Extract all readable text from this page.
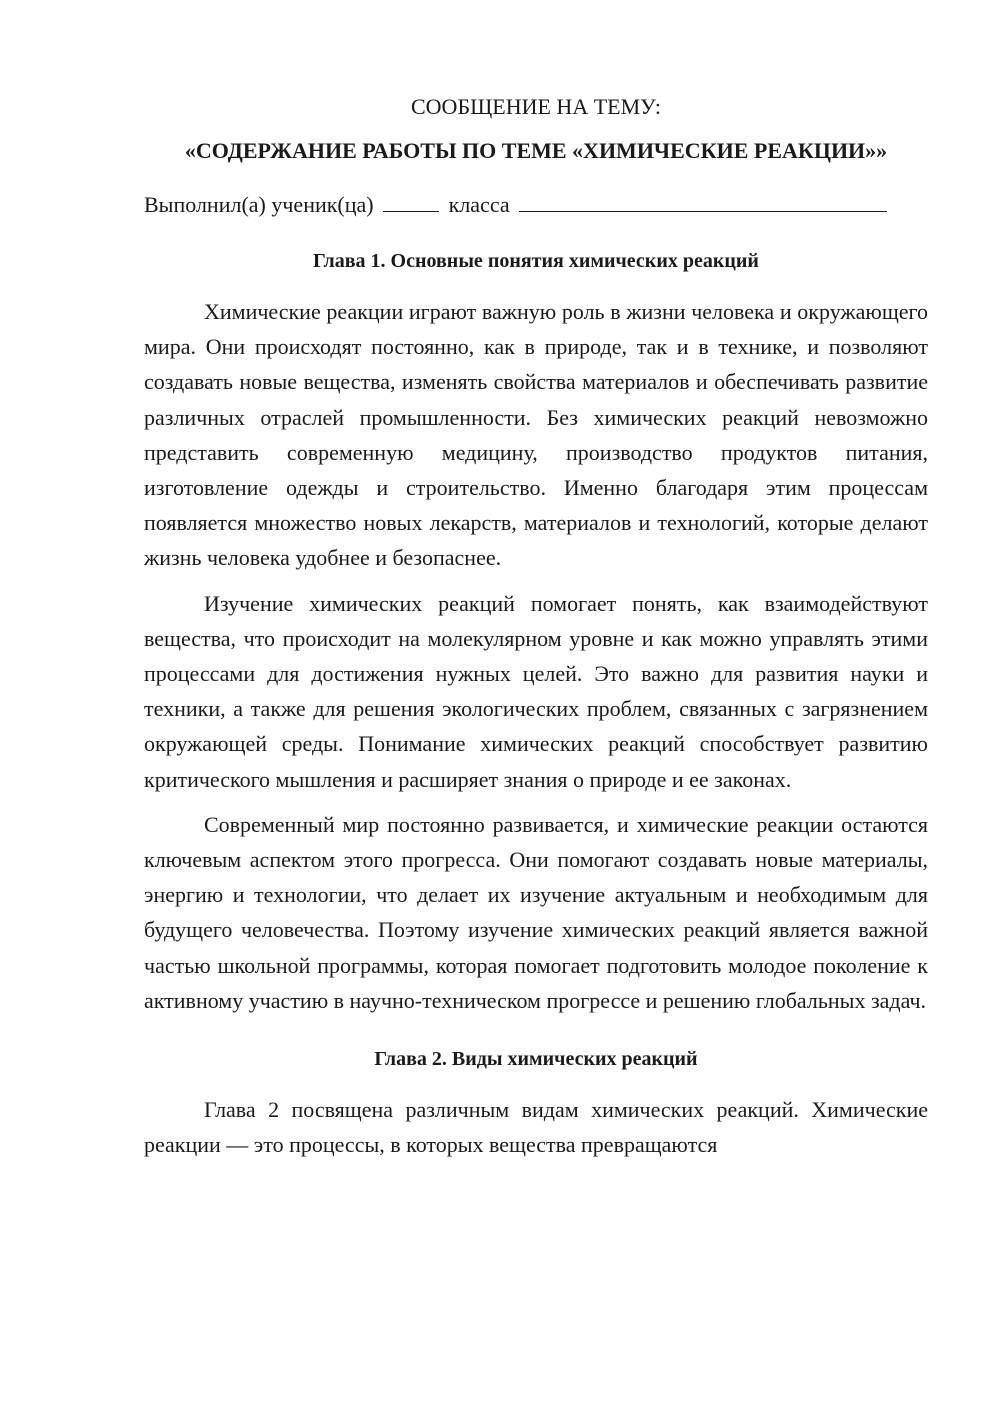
СООБЩЕНИЕ НА ТЕМУ:

«СОДЕРЖАНИЕ РАБОТЫ ПО ТЕМЕ «ХИМИЧЕСКИЕ РЕАКЦИИ»»

Выполнил(а) ученик(ца)	класса

Глава 1. Основные понятия химических реакций

Химические реакции играют важную роль в жизни человека и окружающего мира. Они происходят постоянно, как в природе, так и в технике, и позволяют создавать новые вещества, изменять свойства материалов и обеспечивать развитие различных отраслей промышленности. Без химических реакций невозможно представить современную медицину, производство продуктов питания, изготовление одежды и строительство. Именно благодаря этим процессам появляется множество новых лекарств, материалов и технологий, которые делают жизнь человека удобнее и безопаснее.

Изучение химических реакций помогает понять, как взаимодействуют вещества, что происходит на молекулярном уровне и как можно управлять этими процессами для достижения нужных целей. Это важно для развития науки и техники, а также для решения экологических проблем, связанных с загрязнением окружающей среды. Понимание химических реакций способствует развитию критического мышления и расширяет знания о природе и ее законах.

Современный мир постоянно развивается, и химические реакции остаются ключевым аспектом этого прогресса. Они помогают создавать новые материалы, энергию и технологии, что делает их изучение актуальным и необходимым для будущего человечества. Поэтому изучение химических реакций является важной частью школьной программы, которая помогает подготовить молодое поколение к активному участию в научно-техническом прогрессе и решению глобальных задач.

Глава 2. Виды химических реакций

Глава 2 посвящена различным видам химических реакций. Химические реакции — это процессы, в которых вещества превращаются
